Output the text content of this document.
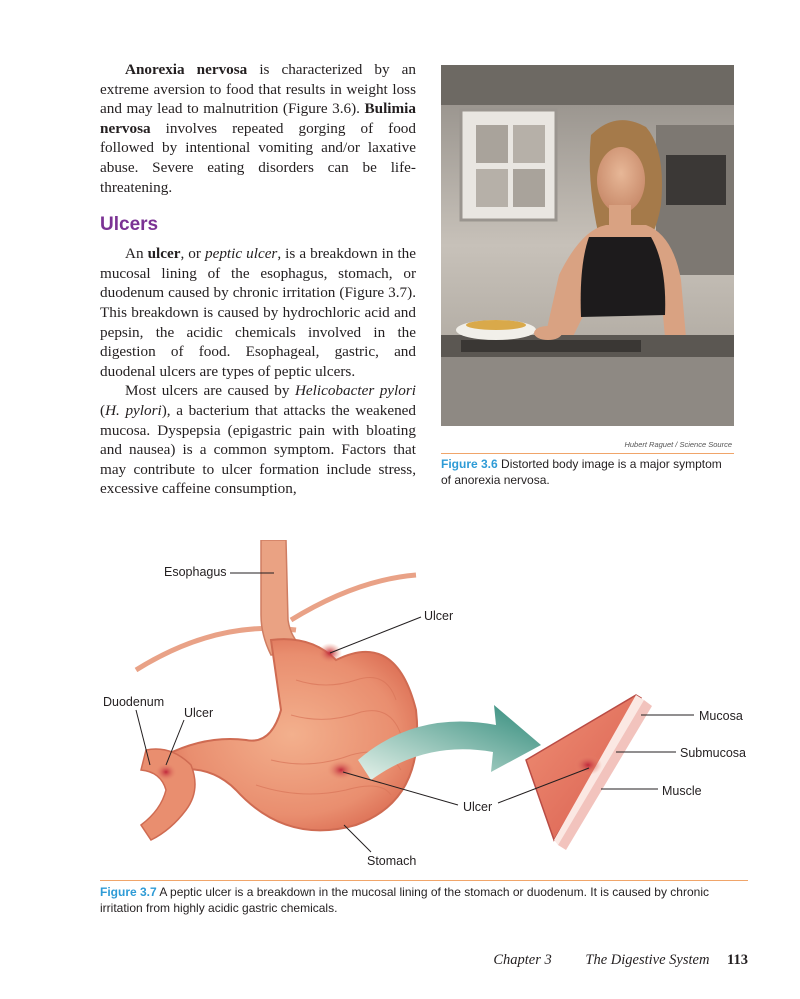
Anorexia nervosa is characterized by an extreme aversion to food that results in weight loss and may lead to malnutrition (Figure 3.6). Bulimia nervosa involves repeated gorging of food followed by intentional vomiting and/or laxative abuse. Severe eating disorders can be life-threatening.

Ulcers

An ulcer, or peptic ulcer, is a breakdown in the mucosal lining of the esophagus, stomach, or duodenum caused by chronic irritation (Figure 3.7). This breakdown is caused by hydrochloric acid and pepsin, the acidic chemicals involved in the digestion of food. Esophageal, gastric, and duodenal ulcers are types of peptic ulcers.

Most ulcers are caused by Helicobacter pylori (H. pylori), a bacterium that attacks the weakened mucosa. Dyspepsia (epigastric pain with bloating and nausea) is a common symptom. Factors that may contribute to ulcer formation include stress, excessive caffeine consumption,

Hubert Raguet / Science Source
Figure 3.6 Distorted body image is a major symptom of anorexia nervosa.
Esophagus
Ulcer
Duodenum
Ulcer
Ulcer
Stomach
Mucosa
Submucosa
Muscle
Figure 3.7 A peptic ulcer is a breakdown in the mucosal lining of the stomach or duodenum. It is caused by chronic irritation from highly acidic gastric chemicals.
Chapter 3 The Digestive System 113
